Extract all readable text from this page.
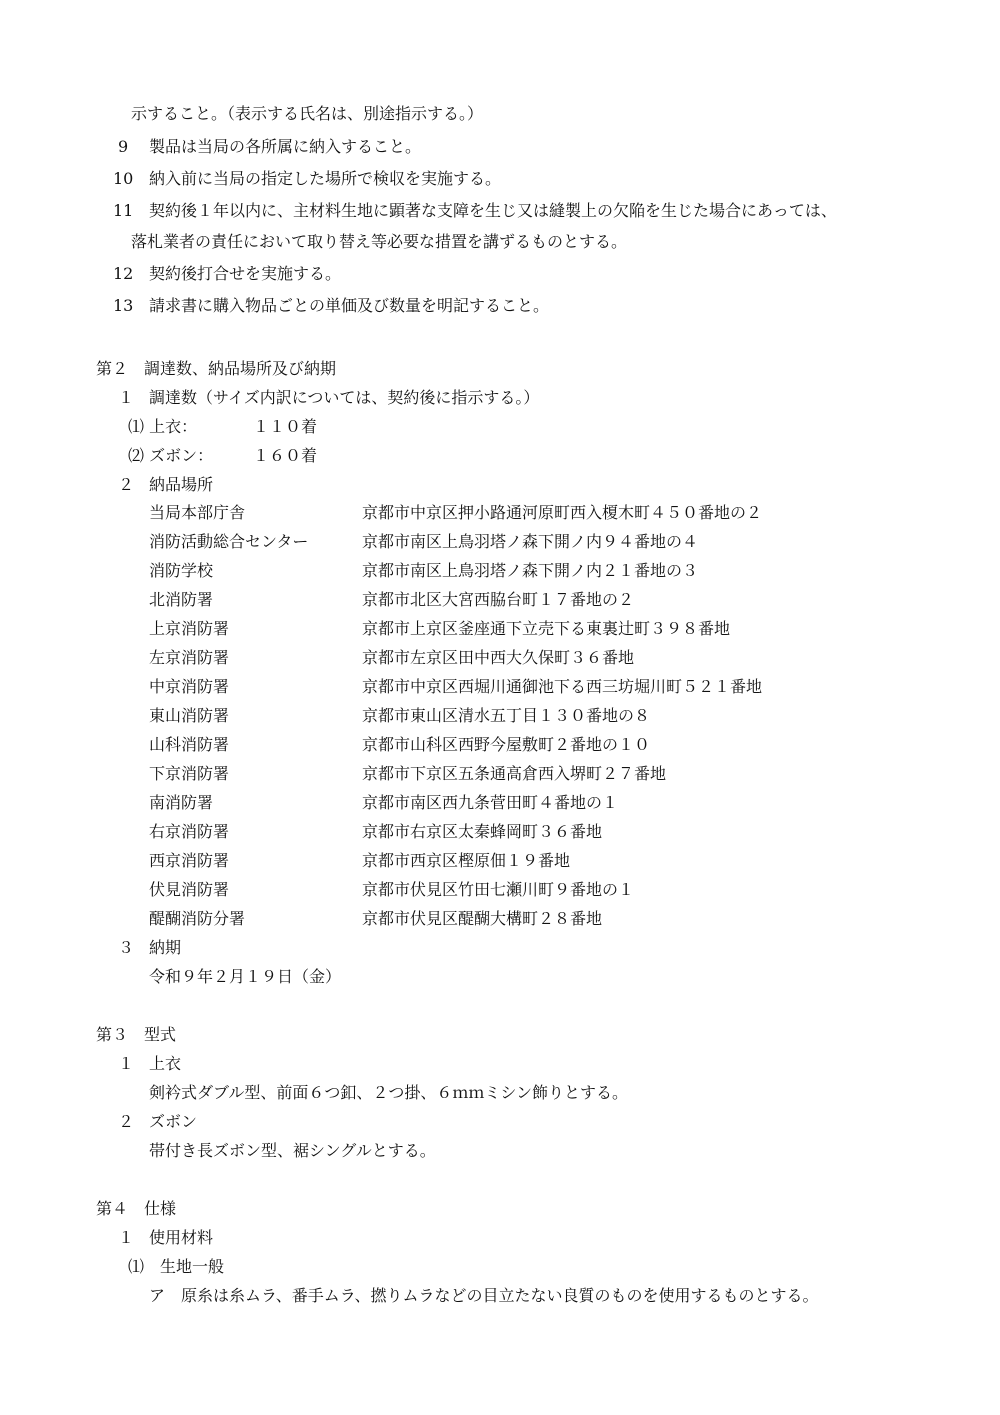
示すること。（表示する氏名は、別途指示する。）
9 製品は当局の各所属に納入すること。
10 納入前に当局の指定した場所で検収を実施する。
11 契約後１年以内に、主材料生地に顕著な支障を生じ又は縫製上の欠陥を生じた場合にあっては、
落札業者の責任において取り替え等必要な措置を講ずるものとする。
12 契約後打合せを実施する。
13 請求書に購入物品ごとの単価及び数量を明記すること。
第２　調達数、納品場所及び納期
１ 調達数（サイズ内訳については、契約後に指示する。）
⑴ 上衣：	１１０着
⑵ ズボン： １６０着
２ 納品場所
当局本部庁舎	京都市中京区押小路通河原町西入榎木町４５０番地の２
消防活動総合センター	京都市南区上鳥羽塔ノ森下開ノ内９４番地の４
消防学校	京都市南区上鳥羽塔ノ森下開ノ内２１番地の３
北消防署	京都市北区大宮西脇台町１７番地の２
上京消防署	京都市上京区釜座通下立売下る東裏辻町３９８番地
左京消防署	京都市左京区田中西大久保町３６番地
中京消防署	京都市中京区西堀川通御池下る西三坊堀川町５２１番地
東山消防署	京都市東山区清水五丁目１３０番地の８
山科消防署	京都市山科区西野今屋敷町２番地の１０
下京消防署	京都市下京区五条通高倉西入堺町２７番地
南消防署	京都市南区西九条菅田町４番地の１
右京消防署	京都市右京区太秦蜂岡町３６番地
西京消防署	京都市西京区樫原佃１９番地
伏見消防署	京都市伏見区竹田七瀬川町９番地の１
醍醐消防分署	京都市伏見区醍醐大構町２８番地
３ 納期
令和９年２月１９日（金）
第３　型式
１ 上衣
剣衿式ダブル型、前面６つ釦、２つ掛、６ｍｍミシン飾りとする。
２ ズボン
帯付き長ズボン型、裾シングルとする。
第４　仕様
１ 使用材料
⑴　生地一般
ア　原糸は糸ムラ、番手ムラ、撚りムラなどの目立たない良質のものを使用するものとする。
